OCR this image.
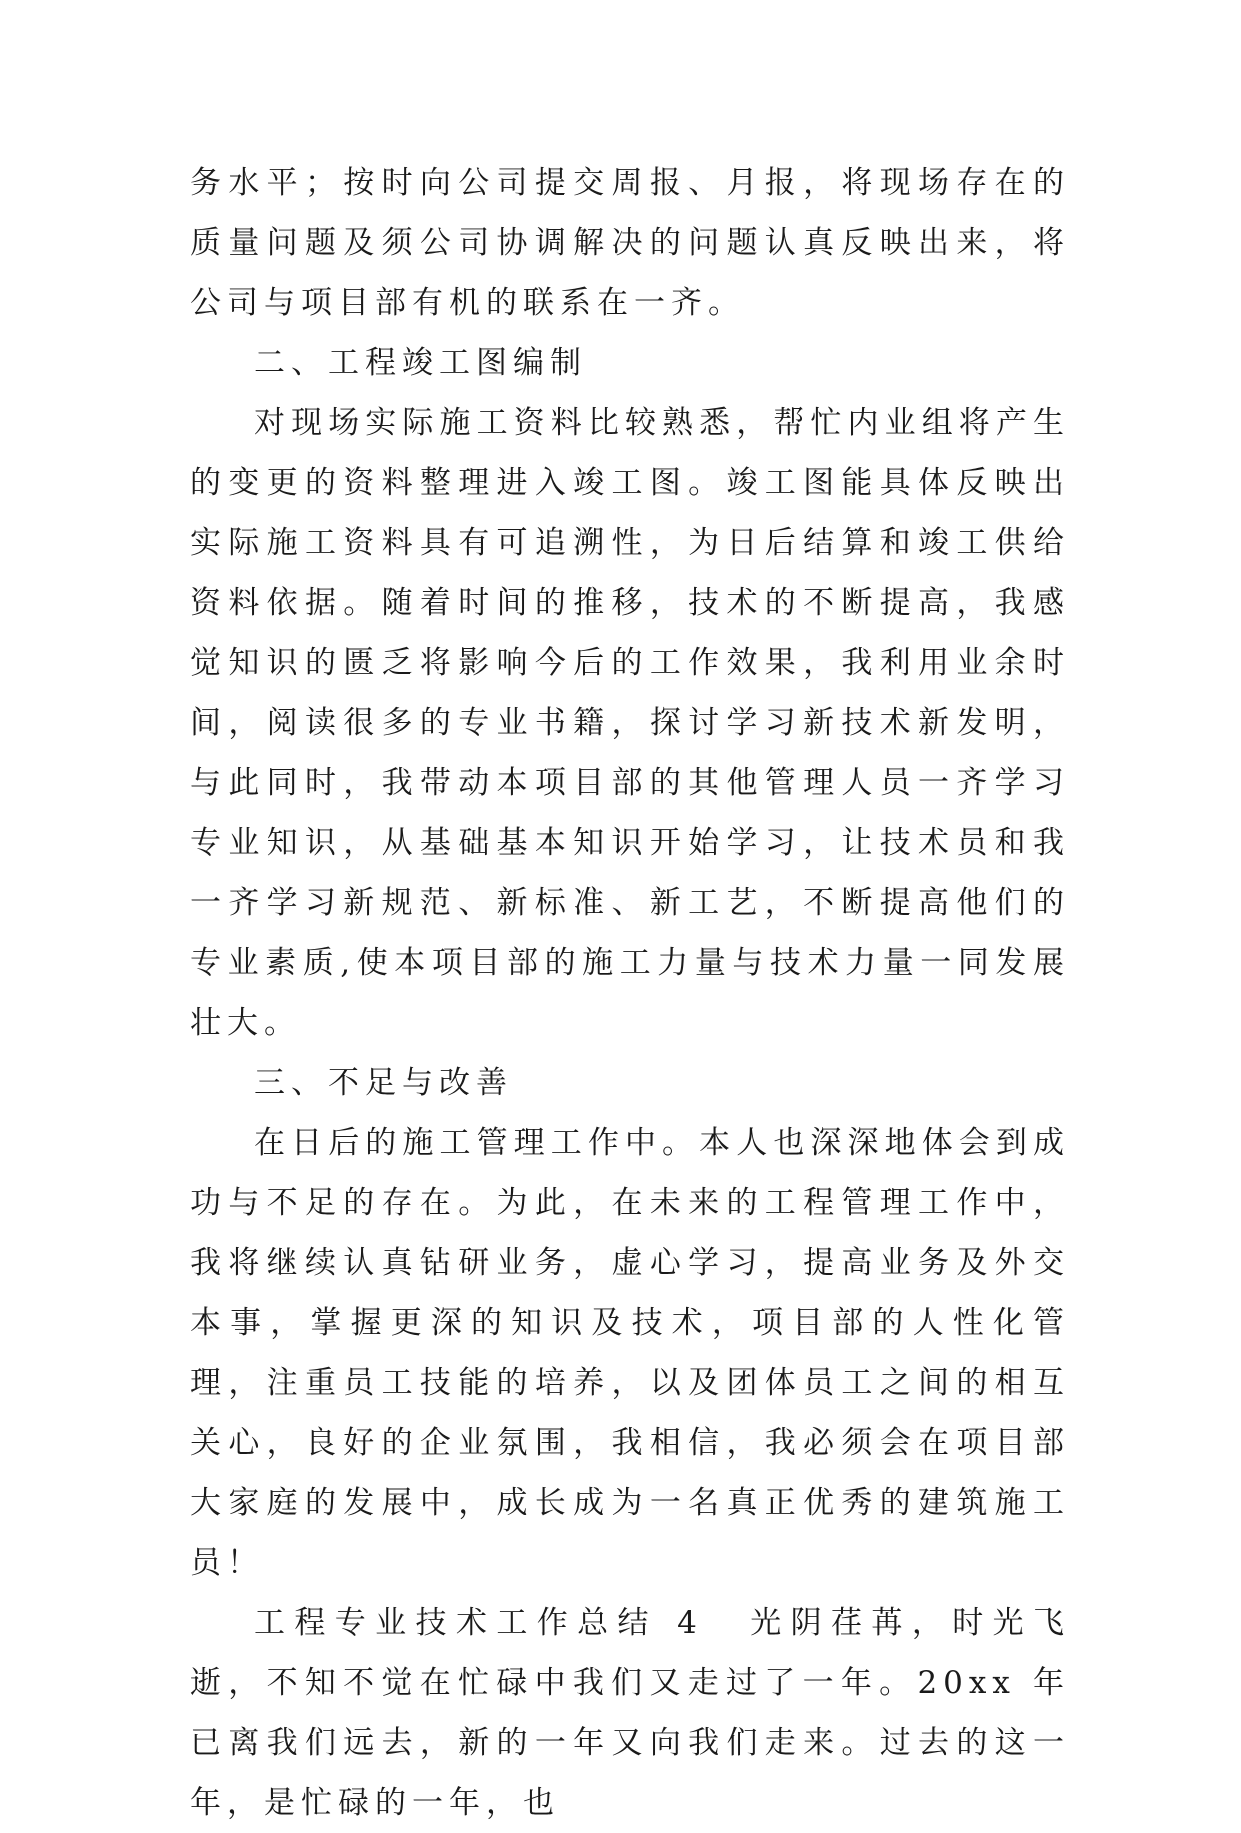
务水平；按时向公司提交周报、月报，将现场存在的质量问题及须公司协调解决的问题认真反映出来，将公司与项目部有机的联系在一齐。

二、工程竣工图编制

对现场实际施工资料比较熟悉，帮忙内业组将产生的变更的资料整理进入竣工图。竣工图能具体反映出实际施工资料具有可追溯性，为日后结算和竣工供给资料依据。随着时间的推移，技术的不断提高，我感觉知识的匮乏将影响今后的工作效果，我利用业余时间，阅读很多的专业书籍，探讨学习新技术新发明，与此同时，我带动本项目部的其他管理人员一齐学习专业知识，从基础基本知识开始学习，让技术员和我一齐学习新规范、新标准、新工艺，不断提高他们的专业素质,使本项目部的施工力量与技术力量一同发展壮大。

三、不足与改善

在日后的施工管理工作中。本人也深深地体会到成功与不足的存在。为此，在未来的工程管理工作中，我将继续认真钻研业务，虚心学习，提高业务及外交本事，掌握更深的知识及技术，项目部的人性化管理，注重员工技能的培养，以及团体员工之间的相互关心，良好的企业氛围，我相信，我必须会在项目部大家庭的发展中，成长成为一名真正优秀的建筑施工员！

工程专业技术工作总结 4 光阴荏苒，时光飞逝，不知不觉在忙碌中我们又走过了一年。20xx 年已离我们远去，新的一年又向我们走来。过去的这一年，是忙碌的一年，也
